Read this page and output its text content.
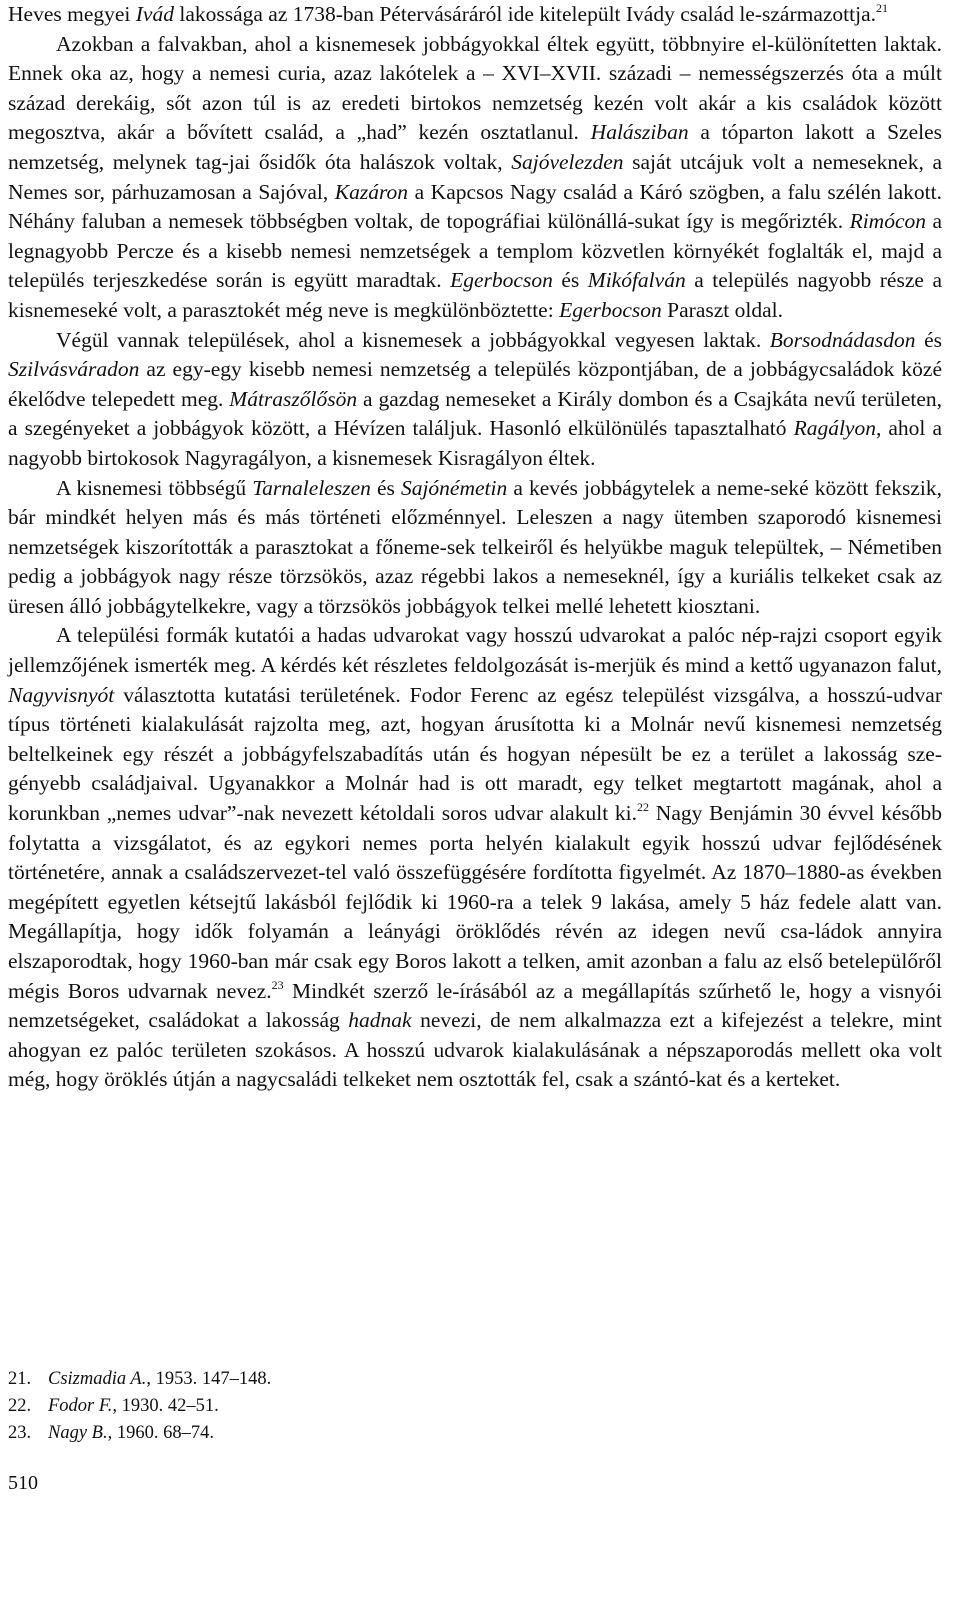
Heves megyei Ivád lakossága az 1738-ban Pétervásáráról ide kitelepült Ivády család le-származottja.$^{21}$

Azokban a falvakban, ahol a kisnemesek jobbágyokkal éltek együtt, többnyire el-különítetten laktak. Ennek oka az, hogy a nemesi curia, azaz lakótelek a – XVI–XVII. századi – nemességszerzés óta a múlt század derekáig, sőt azon túl is az eredeti birtokos nemzetség kezén volt akár a kis családok között megosztva, akár a bővített család, a „had” kezén osztatlanul. Halásziban a tóparton lakott a Szeles nemzetség, melynek tag-jai ősidők óta halászok voltak, Sajóvelezden saját utcájuk volt a nemeseknek, a Nemes sor, párhuzamosan a Sajóval, Kazáron a Kapcsos Nagy család a Káró szögben, a falu szélén lakott. Néhány faluban a nemesek többségben voltak, de topográfiai különállá-sukat így is megőrizték. Rimócon a legnagyobb Percze és a kisebb nemesi nemzetségek a templom közvetlen környékét foglalták el, majd a település terjeszkedése során is együtt maradtak. Egerbocson és Mikófalván a település nagyobb része a kisnemeseké volt, a parasztokét még neve is megkülönböztette: Egerbocson Paraszt oldal.

Végül vannak települések, ahol a kisnemesek a jobbágyokkal vegyesen laktak. Borsodnádasdon és Szilvásváradon az egy-egy kisebb nemesi nemzetség a település központjában, de a jobbágycsaládok közé ékelődve telepedett meg. Mátraszőlősön a gazdag nemeseket a Király dombon és a Csajkáta nevű területen, a szegényeket a jobbágyok között, a Hévízen találjuk. Hasonló elkülönülés tapasztalható Ragályon, ahol a nagyobb birtokosok Nagyragályon, a kisnemesek Kisragályon éltek.

A kisnemesi többségű Tarnaleleszen és Sajónémetin a kevés jobbágytelek a neme-seké között fekszik, bár mindkét helyen más és más történeti előzménnyel. Leleszen a nagy ütemben szaporodó kisnemesi nemzetségek kiszorították a parasztokat a főneme-sek telkeiről és helyükbe maguk települtek, – Németiben pedig a jobbágyok nagy része törzsökös, azaz régebbi lakos a nemeseknél, így a kuriális telkeket csak az üresen álló jobbágytelkekre, vagy a törzsökös jobbágyok telkei mellé lehetett kiosztani.

A települési formák kutatói a hadas udvarokat vagy hosszú udvarokat a palóc nép-rajzi csoport egyik jellemzőjének ismerték meg. A kérdés két részletes feldolgozását is-merjük és mind a kettő ugyanazon falut, Nagyvisnyót választotta kutatási területének. Fodor Ferenc az egész települést vizsgálva, a hosszú-udvar típus történeti kialakulását rajzolta meg, azt, hogyan árusította ki a Molnár nevű kisnemesi nemzetség beltelkeinek egy részét a jobbágyfelszabadítás után és hogyan népesült be ez a terület a lakosság sze-gényebb családjaival. Ugyanakkor a Molnár had is ott maradt, egy telket megtartott magának, ahol a korunkban „nemes udvar”-nak nevezett kétoldali soros udvar alakult ki.$^{22}$ Nagy Benjámin 30 évvel később folytatta a vizsgálatot, és az egykori nemes porta helyén kialakult egyik hosszú udvar fejlődésének történetére, annak a családszervezet-tel való összefüggésére fordította figyelmét. Az 1870–1880-as években megépített egyetlen kétsejtű lakásból fejlődik ki 1960-ra a telek 9 lakása, amely 5 ház fedele alatt van. Megállapítja, hogy idők folyamán a leányági öröklődés révén az idegen nevű csa-ládok annyira elszaporodtak, hogy 1960-ban már csak egy Boros lakott a telken, amit azonban a falu az első betelepülőről mégis Boros udvarnak nevez.$^{23}$ Mindkét szerző le-írásából az a megállapítás szűrhető le, hogy a visnyói nemzetségeket, családokat a lakosság hadnak nevezi, de nem alkalmazza ezt a kifejezést a telekre, mint ahogyan ez palóc területen szokásos. A hosszú udvarok kialakulásának a népszaporodás mellett oka volt még, hogy öröklés útján a nagycsaládi telkeket nem osztották fel, csak a szántó-kat és a kerteket.

21. Csizmadia A., 1953. 147–148.
22. Fodor F., 1930. 42–51.
23. Nagy B., 1960. 68–74.
510
